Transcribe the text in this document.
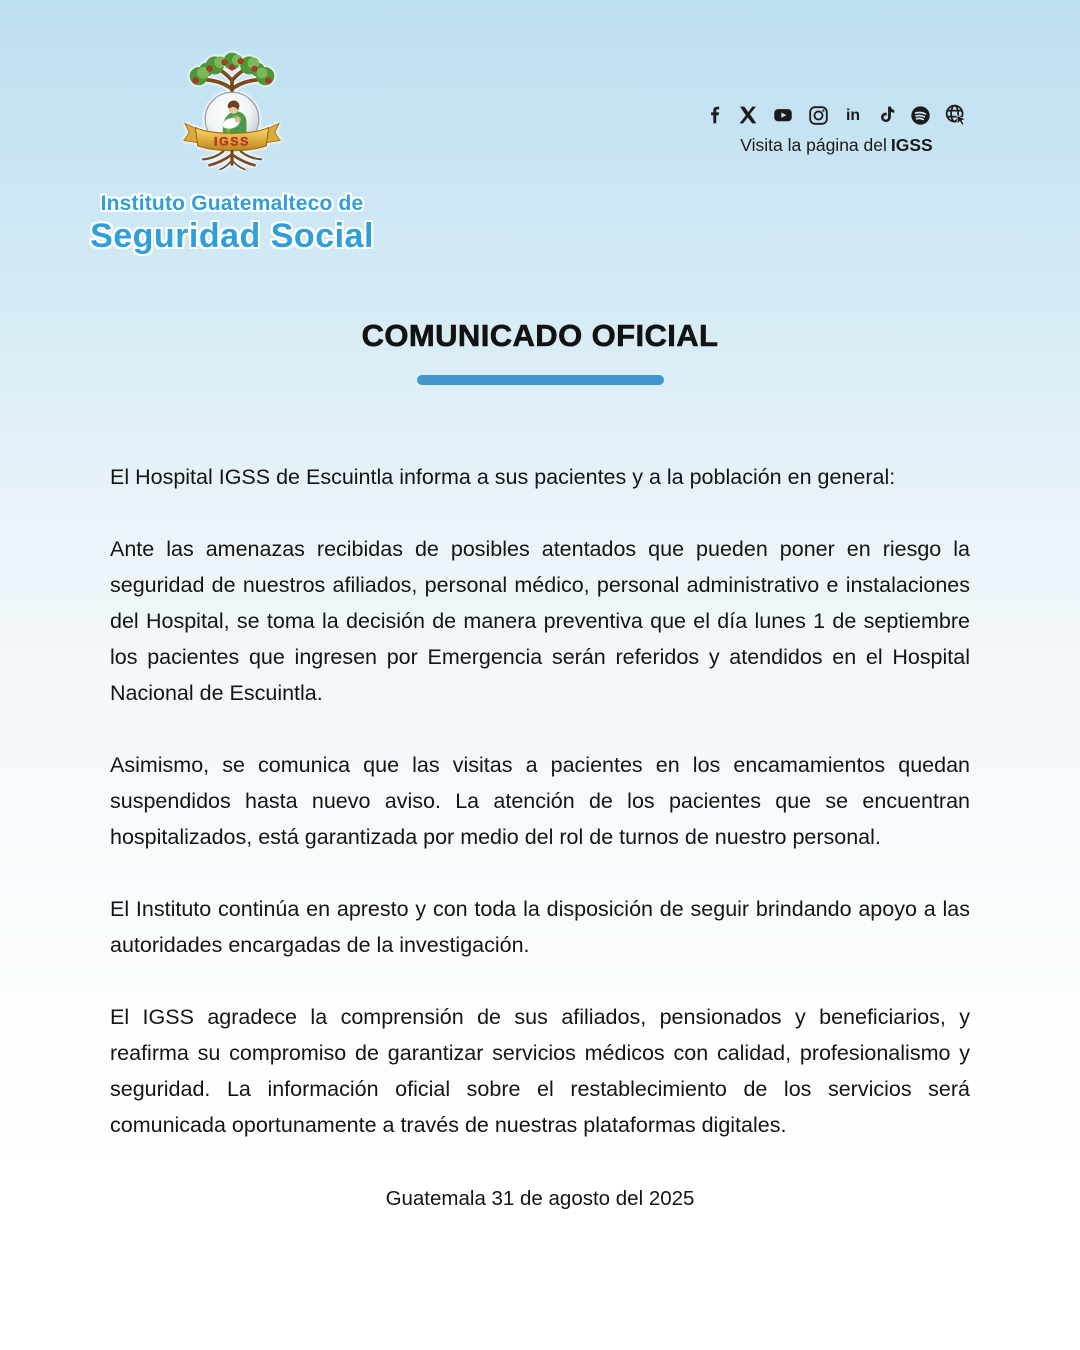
IGSS
Instituto Guatemalteco de
Seguridad Social
in
Visita la página del IGSS
COMUNICADO OFICIAL

El Hospital IGSS de Escuintla informa a sus pacientes y a la población en general:

Ante las amenazas recibidas de posibles atentados que pueden poner en riesgo la seguridad de nuestros afiliados, personal médico, personal administrativo e instalaciones del Hospital, se toma la decisión de manera preventiva que el día lunes 1 de septiembre los pacientes que ingresen por Emergencia serán referidos y atendidos en el Hospital Nacional de Escuintla.

Asimismo, se comunica que las visitas a pacientes en los encamamientos quedan suspendidos hasta nuevo aviso. La atención de los pacientes que se encuentran hospitalizados, está garantizada por medio del rol de turnos de nuestro personal.

El Instituto continúa en apresto y con toda la disposición de seguir brindando apoyo a las autoridades encargadas de la investigación.

El IGSS agradece la comprensión de sus afiliados, pensionados y beneficiarios, y reafirma su compromiso de garantizar servicios médicos con calidad, profesionalismo y seguridad. La información oficial sobre el restablecimiento de los servicios será comunicada oportunamente a través de nuestras plataformas digitales.

Guatemala 31 de agosto del 2025
